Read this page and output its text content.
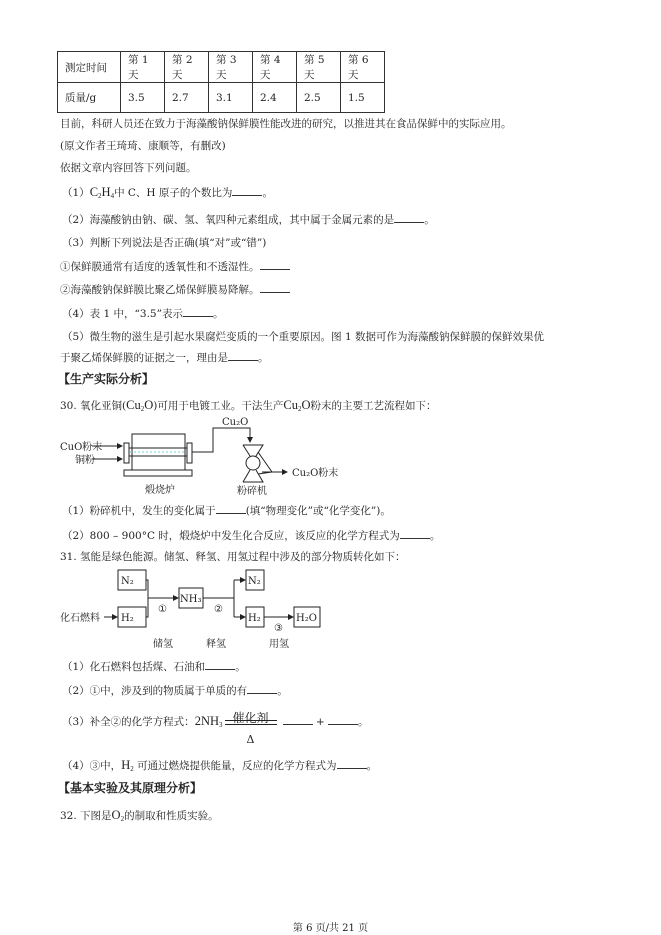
测定时间	第 1 天	第 2 天	第 3 天	第 4 天	第 5 天	第 6 天
质量/g	3.5	2.7	3.1	2.4	2.5	1.5
目前，科研人员还在致力于海藻酸钠保鲜膜性能改进的研究，以推进其在食品保鲜中的实际应用。
(原文作者王琦琦、康顺等，有删改)
依据文章内容回答下列问题。
$(1)C_2H_4$中 C、H 原子的个数比为	。
（2）海藻酸钠由钠、碳、氢、氧四种元素组成，其中属于金属元素的是	。
（3）判断下列说法是否正确(填“对”或“错”)
①保鲜膜通常有适度的透氧性和不透湿性。
②海藻酸钠保鲜膜比聚乙烯保鲜膜易降解。
（4）表 1 中，“3.5”表示	。
（5）微生物的滋生是引起水果腐烂变质的一个重要原因。图 1 数据可作为海藻酸钠保鲜膜的保鲜效果优
于聚乙烯保鲜膜的证据之一，理由是	。
【生产实际分析】
30. 氧化亚铜$(Cu_2O)$可用于电镀工业。干法生产$Cu_2O$粉末的主要工艺流程如下：
CuO粉末
铜粉
煅烧炉
Cu₂O
粉碎机
Cu₂O粉末
化石燃料
N₂
H₂
NH₃
N₂
H₂	H₂O
①	②
③
储氢	释氢	用氢
（1）粉碎机中，发生的变化属于	(填“物理变化”或“化学变化”)。
（2）800 – 900°C 时，煅烧炉中发生化合反应，该反应的化学方程式为	。
31. 氢能是绿色能源。储氢、释氢、用氢过程中涉及的部分物质转化如下：
（1）化石燃料包括煤、石油和	。
（2）①中，涉及到的物质属于单质的有	。
（3）补全②的化学方程式：$2NH_3$ 催化剂
Δ
+	。
（4）③中，$H_2$ 可通过燃烧提供能量，反应的化学方程式为	。
【基本实验及其原理分析】
32. 下图是$O_2$的制取和性质实验。
第 6 页/共 21 页
